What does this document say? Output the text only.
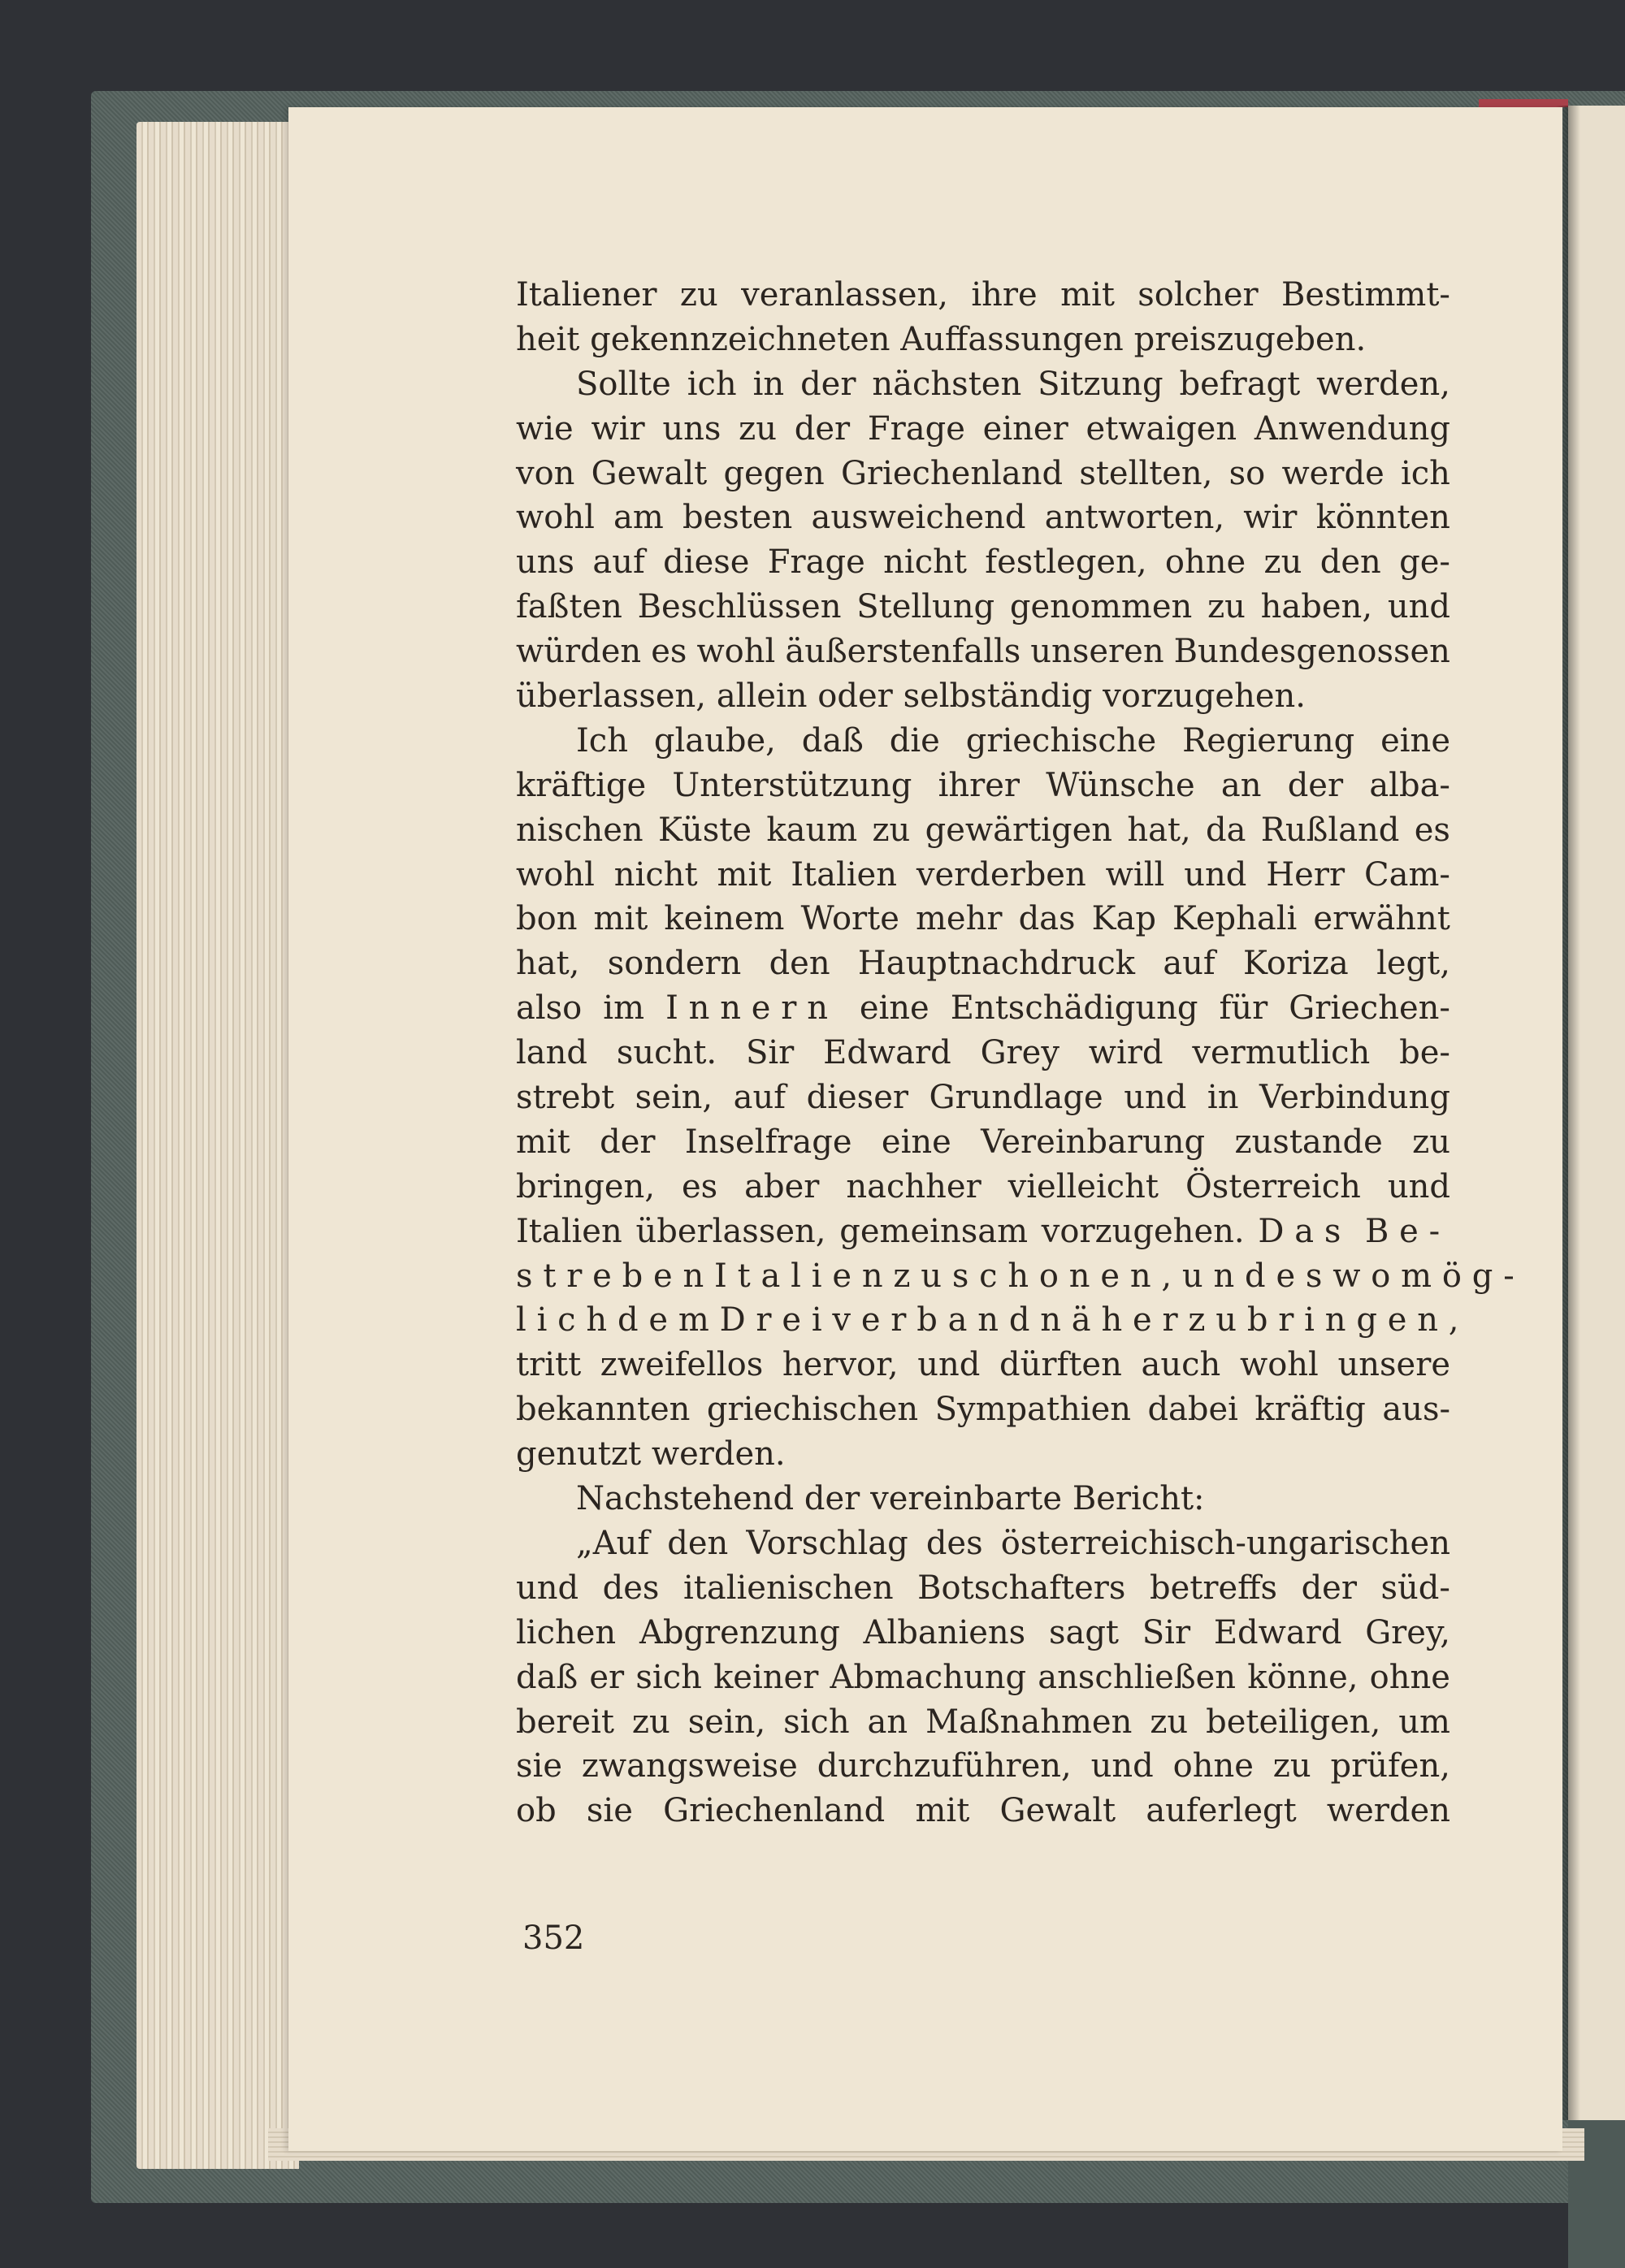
Italiener zu veranlassen, ihre mit solcher Bestimmt-
heit gekennzeichneten Auffassungen preiszugeben.
Sollte ich in der nächsten Sitzung befragt werden,
wie wir uns zu der Frage einer etwaigen Anwendung
von Gewalt gegen Griechenland stellten, so werde ich
wohl am besten ausweichend antworten, wir könnten
uns auf diese Frage nicht festlegen, ohne zu den ge-
faßten Beschlüssen Stellung genommen zu haben, und
würden es wohl äußerstenfalls unseren Bundesgenossen
überlassen, allein oder selbständig vorzugehen.
Ich glaube, daß die griechische Regierung eine
kräftige Unterstützung ihrer Wünsche an der alba-
nischen Küste kaum zu gewärtigen hat, da Rußland es
wohl nicht mit Italien verderben will und Herr Cam-
bon mit keinem Worte mehr das Kap Kephali erwähnt
hat, sondern den Hauptnachdruck auf Koriza legt,
also im Innern eine Entschädigung für Griechen-
land sucht. Sir Edward Grey wird vermutlich be-
strebt sein, auf dieser Grundlage und in Verbindung
mit der Inselfrage eine Vereinbarung zustande zu
bringen, es aber nachher vielleicht Österreich und
Italien überlassen, gemeinsam vorzugehen. Das Be-
streben Italien zu schonen, und es womög-
lich dem Dreiverband näherzubringen,
tritt zweifellos hervor, und dürften auch wohl unsere
bekannten griechischen Sympathien dabei kräftig aus-
genutzt werden.
Nachstehend der vereinbarte Bericht:
„Auf den Vorschlag des österreichisch-ungarischen
und des italienischen Botschafters betreffs der süd-
lichen Abgrenzung Albaniens sagt Sir Edward Grey,
daß er sich keiner Abmachung anschließen könne, ohne
bereit zu sein, sich an Maßnahmen zu beteiligen, um
sie zwangsweise durchzuführen, und ohne zu prüfen,
ob sie Griechenland mit Gewalt auferlegt werden
352
